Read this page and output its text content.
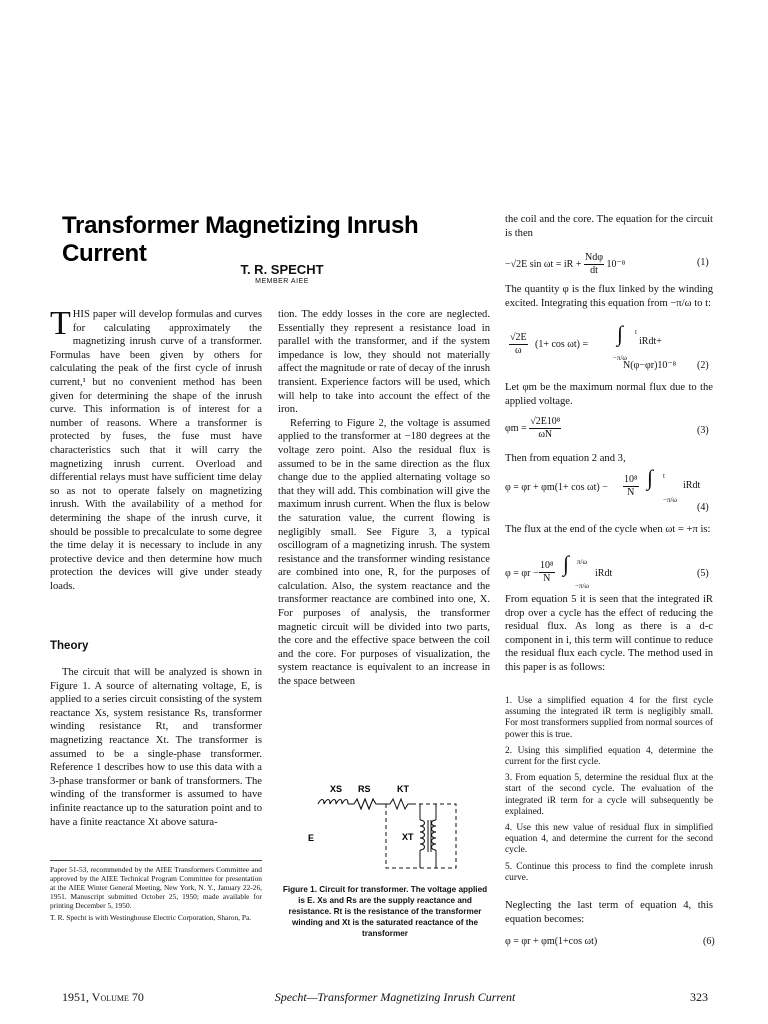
Transformer Magnetizing Inrush Current
T. R. SPECHT
MEMBER AIEE

THIS paper will develop formulas and curves for calculating approximately the magnetizing inrush curve of a transformer. Formulas have been given by others for calculating the peak of the first cycle of inrush current,¹ but no convenient method has been given for determining the shape of the inrush curve. This information is of interest for a number of reasons. Where a transformer is protected by fuses, the fuse must have characteristics such that it will carry the magnetizing inrush current. Overload and differential relays must have sufficient time delay so as not to operate falsely on magnetizing inrush. With the availability of a method for determining the shape of the inrush curve, it should be possible to precalculate to some degree the time delay it is necessary to include in any protective device and then determine how much protection the devices will give under steady loads.

Theory

The circuit that will be analyzed is shown in Figure 1. A source of alternating voltage, E, is applied to a series circuit consisting of the system reactance Xs, system resistance Rs, transformer winding resistance Rt, and transformer magnetizing reactance Xt. The transformer is assumed to be a single-phase transformer. Reference 1 describes how to use this data with a 3-phase transformer or bank of transformers. The winding of the transformer is assumed to have infinite reactance up to the saturation point and to have a finite reactance Xt above satura-

Paper 51-53, recommended by the AIEE Transformers Committee and approved by the AIEE Technical Program Committee for presentation at the AIEE Winter General Meeting, New York, N. Y., January 22-26, 1951. Manuscript submitted October 25, 1950; made available for printing December 5, 1950.

T. R. Specht is with Westinghouse Electric Corporation, Sharon, Pa.

tion. The eddy losses in the core are neglected. Essentially they represent a resistance load in parallel with the transformer, and if the system impedance is low, they should not materially affect the magnitude or rate of decay of the inrush transient. Experience factors will be used, which will help to take into account the effect of the iron.

Referring to Figure 2, the voltage is assumed applied to the transformer at −180 degrees at the voltage zero point. Also the residual flux is assumed to be in the same direction as the flux change due to the applied alternating voltage so that they will add. This combination will give the maximum inrush current. When the flux is below the saturation value, the current flowing is negligibly small. See Figure 3, a typical oscillogram of a magnetizing inrush. The system resistance and the transformer winding resistance are combined into one, R, for the purposes of calculation. Also, the system reactance and the transformer reactance are combined into one, X. For purposes of analysis, the transformer magnetic circuit will be divided into two parts, the core and the effective space between the coil and the core. For purposes of visualization, the system reactance is equivalent to an increase in the space between

XS RS	KT
E	XT
Figure 1. Circuit for transformer. The voltage applied is E. Xs and Rs are the supply reactance and resistance. Rt is the resistance of the transformer winding and Xt is the saturated reactance of the transformer
the coil and the core. The equation for the circuit is then
−√2E sin ωt = iR + $\frac{\text{Ndφ}}{dt} 10^{-8}$	(1)
The quantity φ is the flux linked by the winding excited. Integrating this equation from −π/ω to t:
$\frac{√2E}{\omega} (1+ \cos \omega t)$ = ∫ t
−π/ω
iRdt+
N(φ−φr)10⁻⁸ (2)
Let φm be the maximum normal flux due to the applied voltage.
$\varphi m = \frac{\text{√2E10⁸}}{\omega N}$	(3)
Then from equation 2 and 3,
$\varphi = \varphi r + \varphi m(1+ \cos \omega t) - \frac{\text{10⁸}}{N}$ ∫ t
−π/ω
iRdt
(4)
The flux at the end of the cycle when ωt = +π is:
$\varphi = \varphi r - \frac{\text{10⁸}}{N}$ ∫ π/ω
−π/ω
iRdt	(5)
From equation 5 it is seen that the integrated iR drop over a cycle has the effect of reducing the residual flux. As long as there is a d-c component in i, this term will continue to reduce the residual flux each cycle. The method used in this paper is as follows:

1. Use a simplified equation 4 for the first cycle assuming the integrated iR term is negligibly small. For most transformers supplied from normal sources of power this is true.

2. Using this simplified equation 4, determine the current for the first cycle.

3. From equation 5, determine the residual flux at the start of the second cycle. The evaluation of the integrated iR term for a cycle will subsequently be explained.

4. Use this new value of residual flux in simplified equation 4, and determine the current for the second cycle.

5. Continue this process to find the complete inrush curve.

Neglecting the last term of equation 4, this equation becomes:
φ = φr + φm(1+cos ωt)	(6)
1951, Volume 70	Specht—Transformer Magnetizing Inrush Current	323
